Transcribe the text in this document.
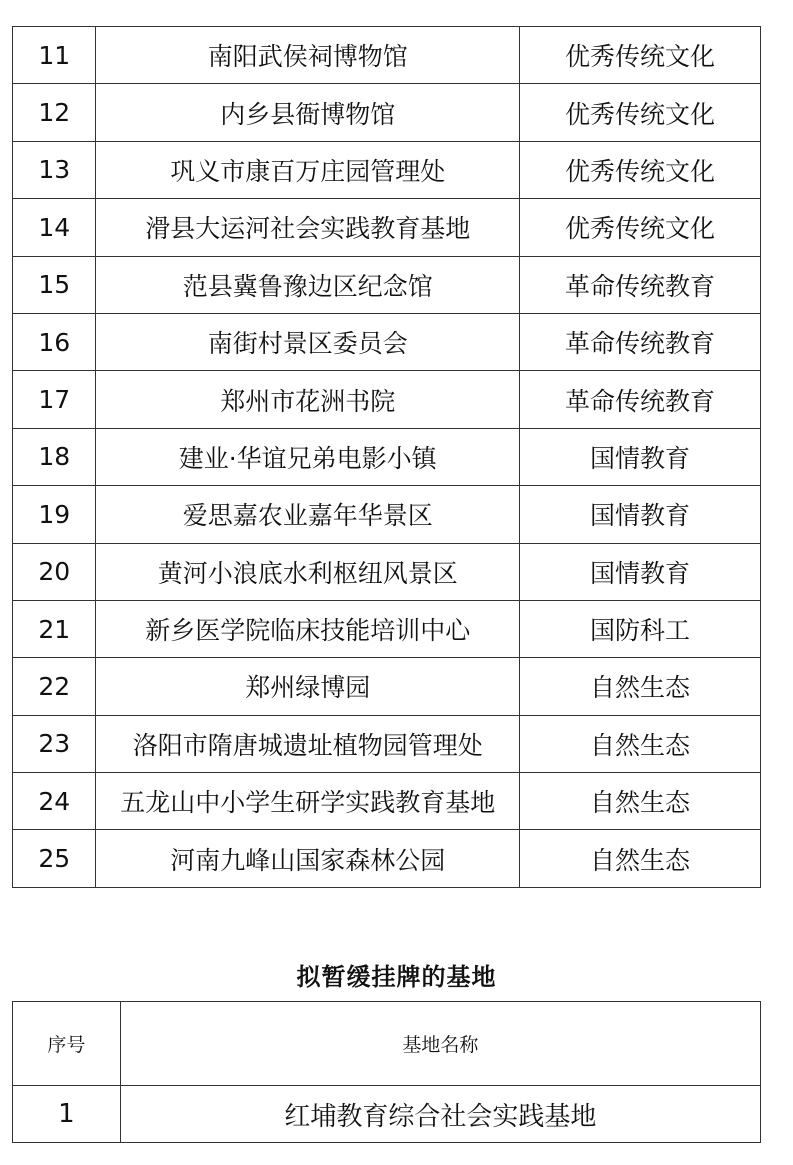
11	南阳武侯祠博物馆	优秀传统文化
12	内乡县衙博物馆	优秀传统文化
13	巩义市康百万庄园管理处	优秀传统文化
14	滑县大运河社会实践教育基地	优秀传统文化
15	范县冀鲁豫边区纪念馆	革命传统教育
16	南街村景区委员会	革命传统教育
17	郑州市花洲书院	革命传统教育
18	建业·华谊兄弟电影小镇	国情教育
19	爱思嘉农业嘉年华景区	国情教育
20	黄河小浪底水利枢纽风景区	国情教育
21	新乡医学院临床技能培训中心	国防科工
22	郑州绿博园	自然生态
23	洛阳市隋唐城遗址植物园管理处	自然生态
24	五龙山中小学生研学实践教育基地	自然生态
25	河南九峰山国家森林公园	自然生态
拟暂缓挂牌的基地
序号	基地名称
1	红埔教育综合社会实践基地
